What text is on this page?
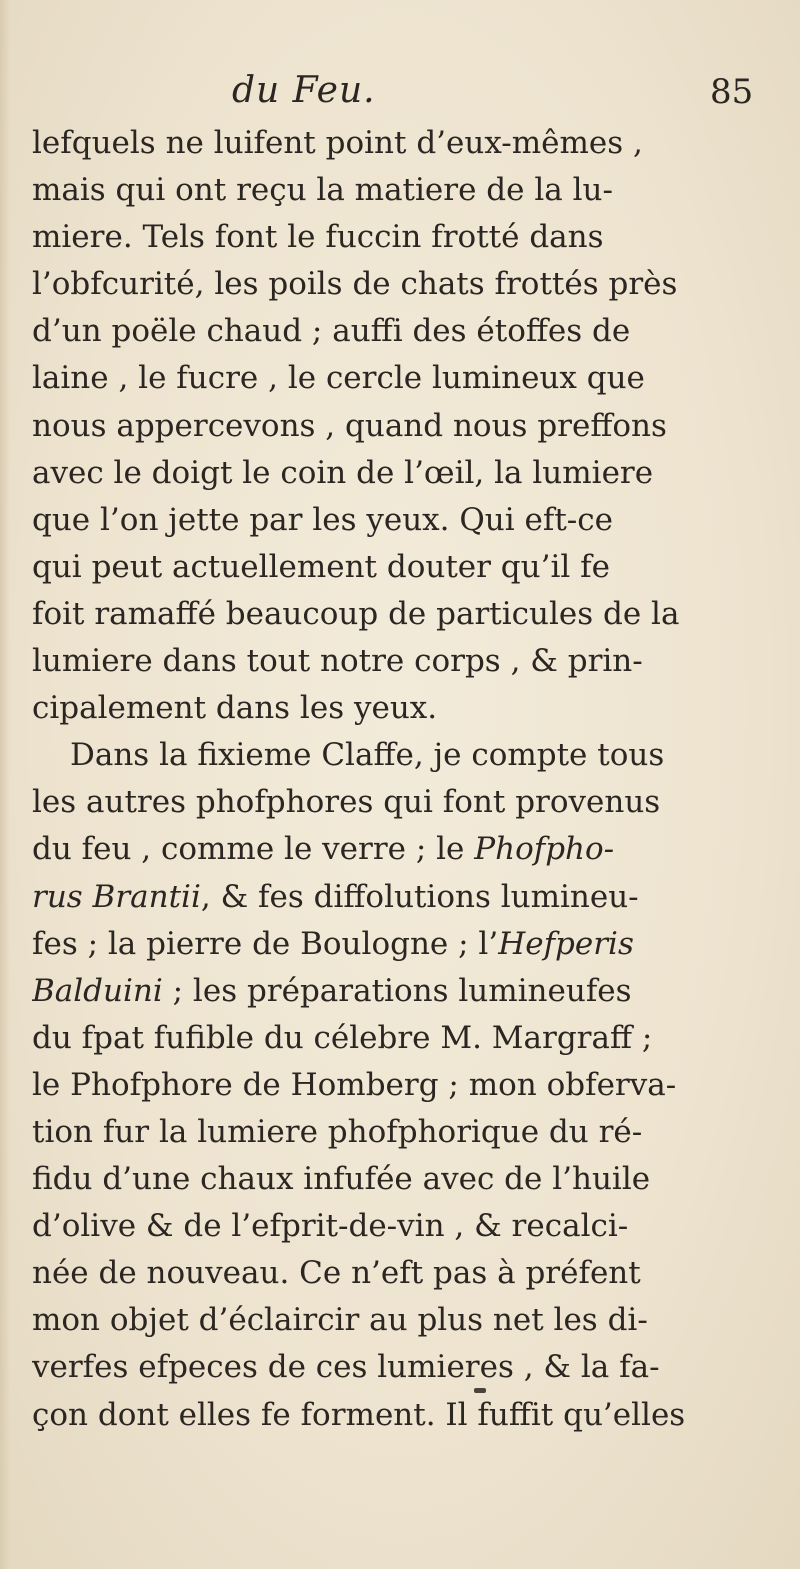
du Feu.	85
lefquels ne luifent point d’eux-mêmes ,
mais qui ont reçu la matiere de la lu-
miere. Tels font le fuccin frotté dans
l’obfcurité, les poils de chats frottés près
d’un poële chaud ; auffi des étoffes de
laine , le fucre , le cercle lumineux que
nous appercevons , quand nous preffons
avec le doigt le coin de l’œil, la lumiere
que l’on jette par les yeux. Qui eft-ce
qui peut actuellement douter qu’il fe
foit ramaffé beaucoup de particules de la
lumiere dans tout notre corps , & prin-
cipalement dans les yeux.
Dans la fixieme Claffe, je compte tous
les autres phofphores qui font provenus
du feu , comme le verre ; le Phofpho-
rus Brantii, & fes diffolutions lumineu-
fes ; la pierre de Boulogne ; l’Hefperis
Balduini ; les préparations lumineufes
du fpat fufible du célebre M. Margraff ;
le Phofphore de Homberg ; mon obferva-
tion fur la lumiere phofphorique du ré-
fidu d’une chaux infufée avec de l’huile
d’olive & de l’efprit-de-vin , & recalci-
née de nouveau. Ce n’eft pas à préfent
mon objet d’éclaircir au plus net les di-
verfes efpeces de ces lumieres , & la fa-
çon dont elles fe forment. Il fuffit qu’elles
